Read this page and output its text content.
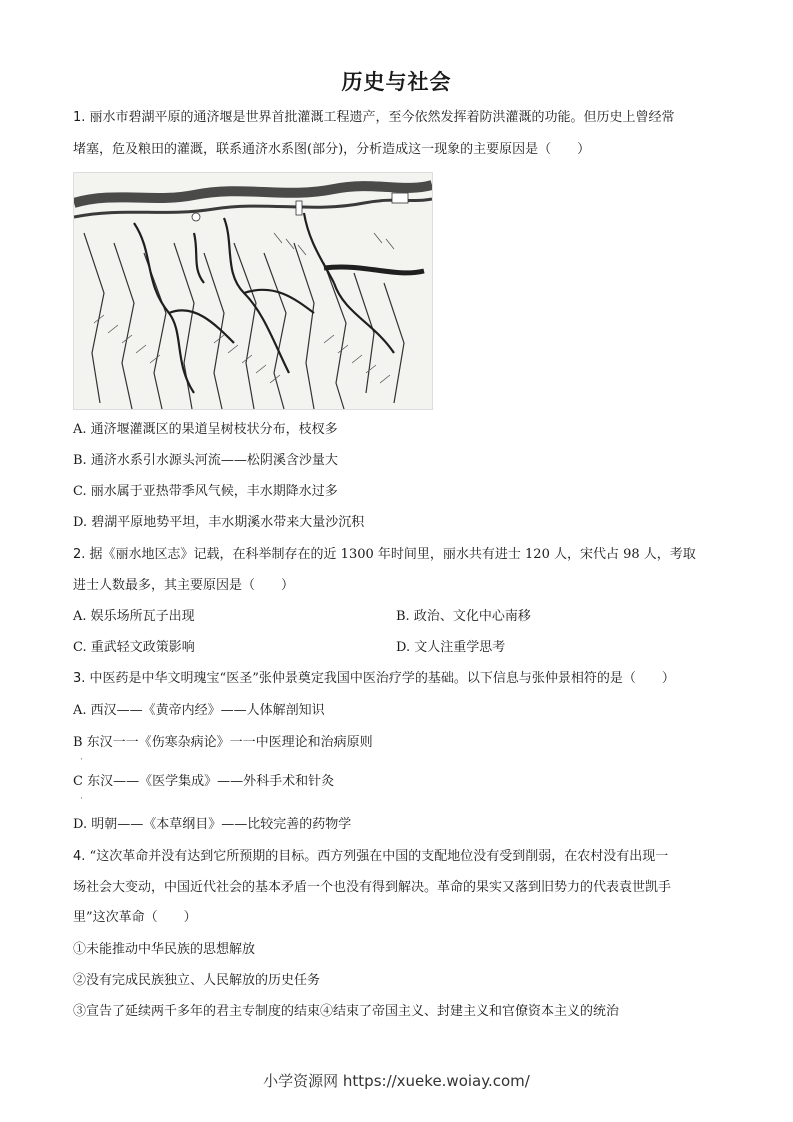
历史与社会
1. 丽水市碧湖平原的通济堰是世界首批灌溉工程遗产，至今依然发挥着防洪灌溉的功能。但历史上曾经常
堵塞，危及粮田的灌溉，联系通济水系图(部分)，分析造成这一现象的主要原因是（　　）
A. 通济堰灌溉区的果道呈树枝状分布，枝杈多
B. 通济水系引水源头河流——松阴溪含沙量大
C. 丽水属于亚热带季风气候，丰水期降水过多
D. 碧湖平原地势平坦，丰水期溪水带来大量沙沉积
2. 据《丽水地区志》记载，在科举制存在的近 1300 年时间里，丽水共有进士 120 人，宋代占 98 人，考取
进士人数最多，其主要原因是（　　）
A. 娱乐场所瓦子出现	B. 政治、文化中心南移
C. 重武轻文政策影响	D. 文人注重学思考
3. 中医药是中华文明瑰宝“医圣”张仲景奠定我国中医治疗学的基础。以下信息与张仲景相符的是（　　）
A. 西汉——《黄帝内经》——人体解剖知识
B 东汉一一《伤寒杂病论》一一中医理论和治病原则
·
C 东汉——《医学集成》——外科手术和针灸
·
D. 明朝——《本草纲目》——比较完善的药物学
4. “这次革命并没有达到它所预期的目标。西方列强在中国的支配地位没有受到削弱，在农村没有出现一
场社会大变动，中国近代社会的基本矛盾一个也没有得到解决。革命的果实又落到旧势力的代表袁世凯手
里”这次革命（　　）
①未能推动中华民族的思想解放
②没有完成民族独立、人民解放的历史任务
③宣告了延续两千多年的君主专制度的结束④结束了帝国主义、封建主义和官僚资本主义的统治
小学资源网 https://xueke.woiay.com/
